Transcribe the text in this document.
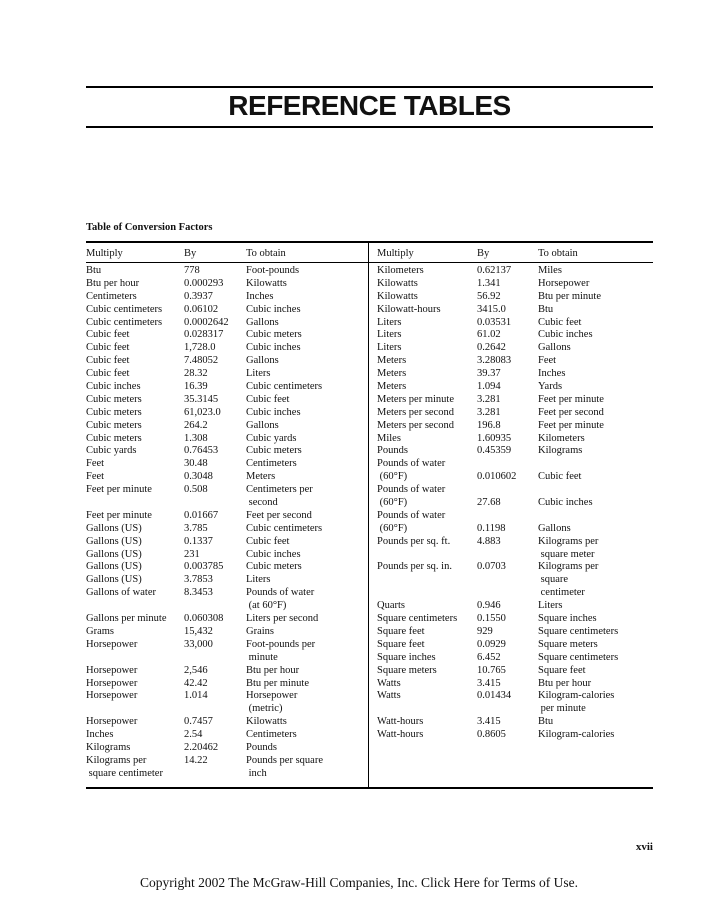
REFERENCE TABLES
Table of Conversion Factors
Multiply	By	To obtain	Multiply	By	To obtain
Btu	778	Foot-pounds
Btu per hour	0.000293 Kilowatts
Centimeters	0.3937	Inches
Cubic centimeters 0.06102	Cubic inches
Cubic centimeters 0.0002642 Gallons
Cubic feet	0.028317 Cubic meters
Cubic feet	1,728.0	Cubic inches
Cubic feet	7.48052	Gallons
Cubic feet	28.32	Liters
Cubic inches	16.39	Cubic centimeters
Cubic meters	35.3145	Cubic feet
Cubic meters	61,023.0 Cubic inches
Cubic meters	264.2	Gallons
Cubic meters	1.308	Cubic yards
Cubic yards	0.76453	Cubic meters
Feet	30.48	Centimeters
Feet	0.3048	Meters
Feet per minute	0.508	Centimeters per
second
Feet per minute	0.01667	Feet per second
Gallons (US)	3.785	Cubic centimeters
Gallons (US)	0.1337	Cubic feet
Gallons (US)	231	Cubic inches
Gallons (US)	0.003785 Cubic meters
Gallons (US)	3.7853	Liters
Gallons of water	8.3453	Pounds of water
(at 60°F)
Gallons per minute 0.060308 Liters per second
Grams	15,432	Grains
Horsepower	33,000	Foot-pounds per
minute
Horsepower	2,546	Btu per hour
Horsepower	42.42	Btu per minute
Horsepower	1.014	Horsepower
(metric)
Horsepower	0.7457	Kilowatts
Inches	2.54	Centimeters
Kilograms	2.20462	Pounds
Kilograms per	14.22	Pounds per square
square centimeter	inch
Kilometers	0.62137	Miles
Kilowatts	1.341	Horsepower
Kilowatts	56.92	Btu per minute
Kilowatt-hours	3415.0	Btu
Liters	0.03531	Cubic feet
Liters	61.02	Cubic inches
Liters	0.2642	Gallons
Meters	3.28083	Feet
Meters	39.37	Inches
Meters	1.094	Yards
Meters per minute 3.281	Feet per minute
Meters per second 3.281	Feet per second
Meters per second 196.8	Feet per minute
Miles	1.60935	Kilometers
Pounds	0.45359	Kilograms
Pounds of water
(60°F)	0.010602 Cubic feet
Pounds of water
(60°F)	27.68	Cubic inches
Pounds of water
(60°F)	0.1198	Gallons
Pounds per sq. ft.	4.883	Kilograms per
square meter
Pounds per sq. in. 0.0703	Kilograms per
square
centimeter
Quarts	0.946	Liters
Square centimeters 0.1550	Square inches
Square feet	929	Square centimeters
Square feet	0.0929	Square meters
Square inches	6.452	Square centimeters
Square meters	10.765	Square feet
Watts	3.415	Btu per hour
Watts	0.01434	Kilogram-calories
per minute
Watt-hours	3.415	Btu
Watt-hours	0.8605	Kilogram-calories
xvii
Copyright 2002 The McGraw-Hill Companies, Inc. Click Here for Terms of Use.
